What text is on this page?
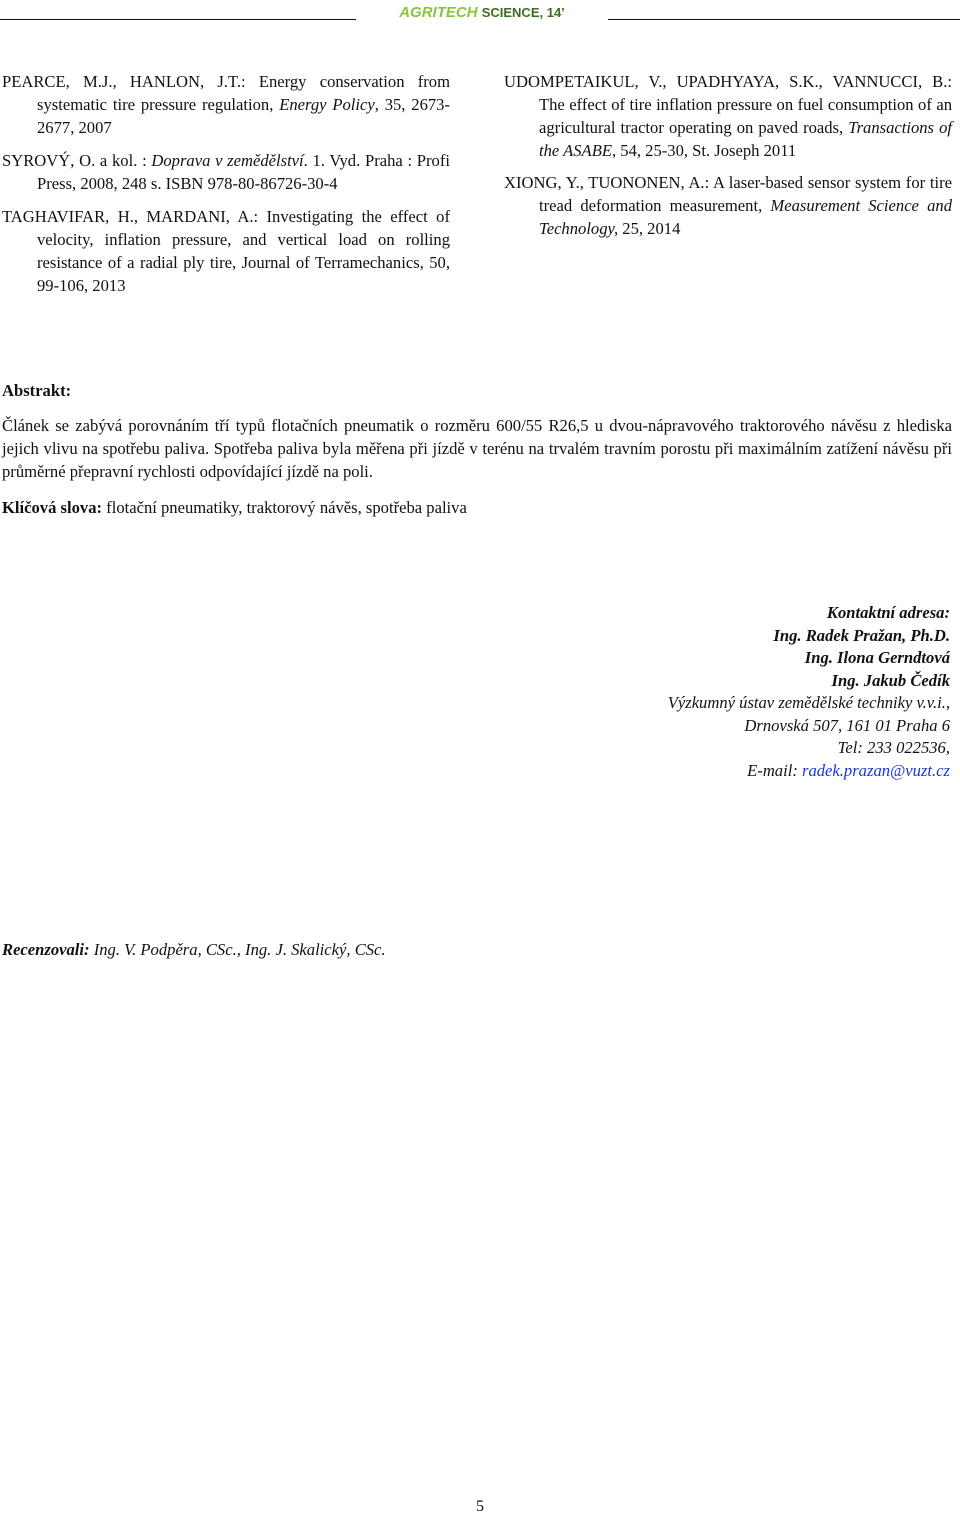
AGRITECH SCIENCE, 14’

PEARCE, M.J., HANLON, J.T.: Energy conservation from systematic tire pressure regulation, Energy Policy, 35, 2673-2677, 2007

SYROVÝ, O. a kol. : Doprava v zemědělství. 1. Vyd. Praha : Profi Press, 2008, 248 s. ISBN 978-80-86726-30-4

TAGHAVIFAR, H., MARDANI, A.: Investigating the effect of velocity, inflation pressure, and vertical load on rolling resistance of a radial ply tire, Journal of Terramechanics, 50, 99-106, 2013

UDOMPETAIKUL, V., UPADHYAYA, S.K., VANNUCCI, B.: The effect of tire inflation pressure on fuel consumption of an agricultural tractor operating on paved roads, Transactions of the ASABE, 54, 25-30, St. Joseph 2011

XIONG, Y., TUONONEN, A.: A laser-based sensor system for tire tread deformation measurement, Measurement Science and Technology, 25, 2014

Abstrakt:
Článek se zabývá porovnáním tří typů flotačních pneumatik o rozměru 600/55 R26,5 u dvou-nápravového traktorového návěsu z hlediska jejich vlivu na spotřebu paliva. Spotřeba paliva byla měřena při jízdě v terénu na trvalém travním porostu při maximálním zatížení návěsu při průměrné přepravní rychlosti odpovídající jízdě na poli.
Klíčová slova: flotační pneumatiky, traktorový návěs, spotřeba paliva
Kontaktní adresa:
Ing. Radek Pražan, Ph.D.
Ing. Ilona Gerndtová
Ing. Jakub Čedík
Výzkumný ústav zemědělské techniky v.v.i.,
Drnovská 507, 161 01 Praha 6
Tel: 233 022536,
E-mail: radek.prazan@vuzt.cz
Recenzovali: Ing. V. Podpěra, CSc., Ing. J. Skalický, CSc.
5
